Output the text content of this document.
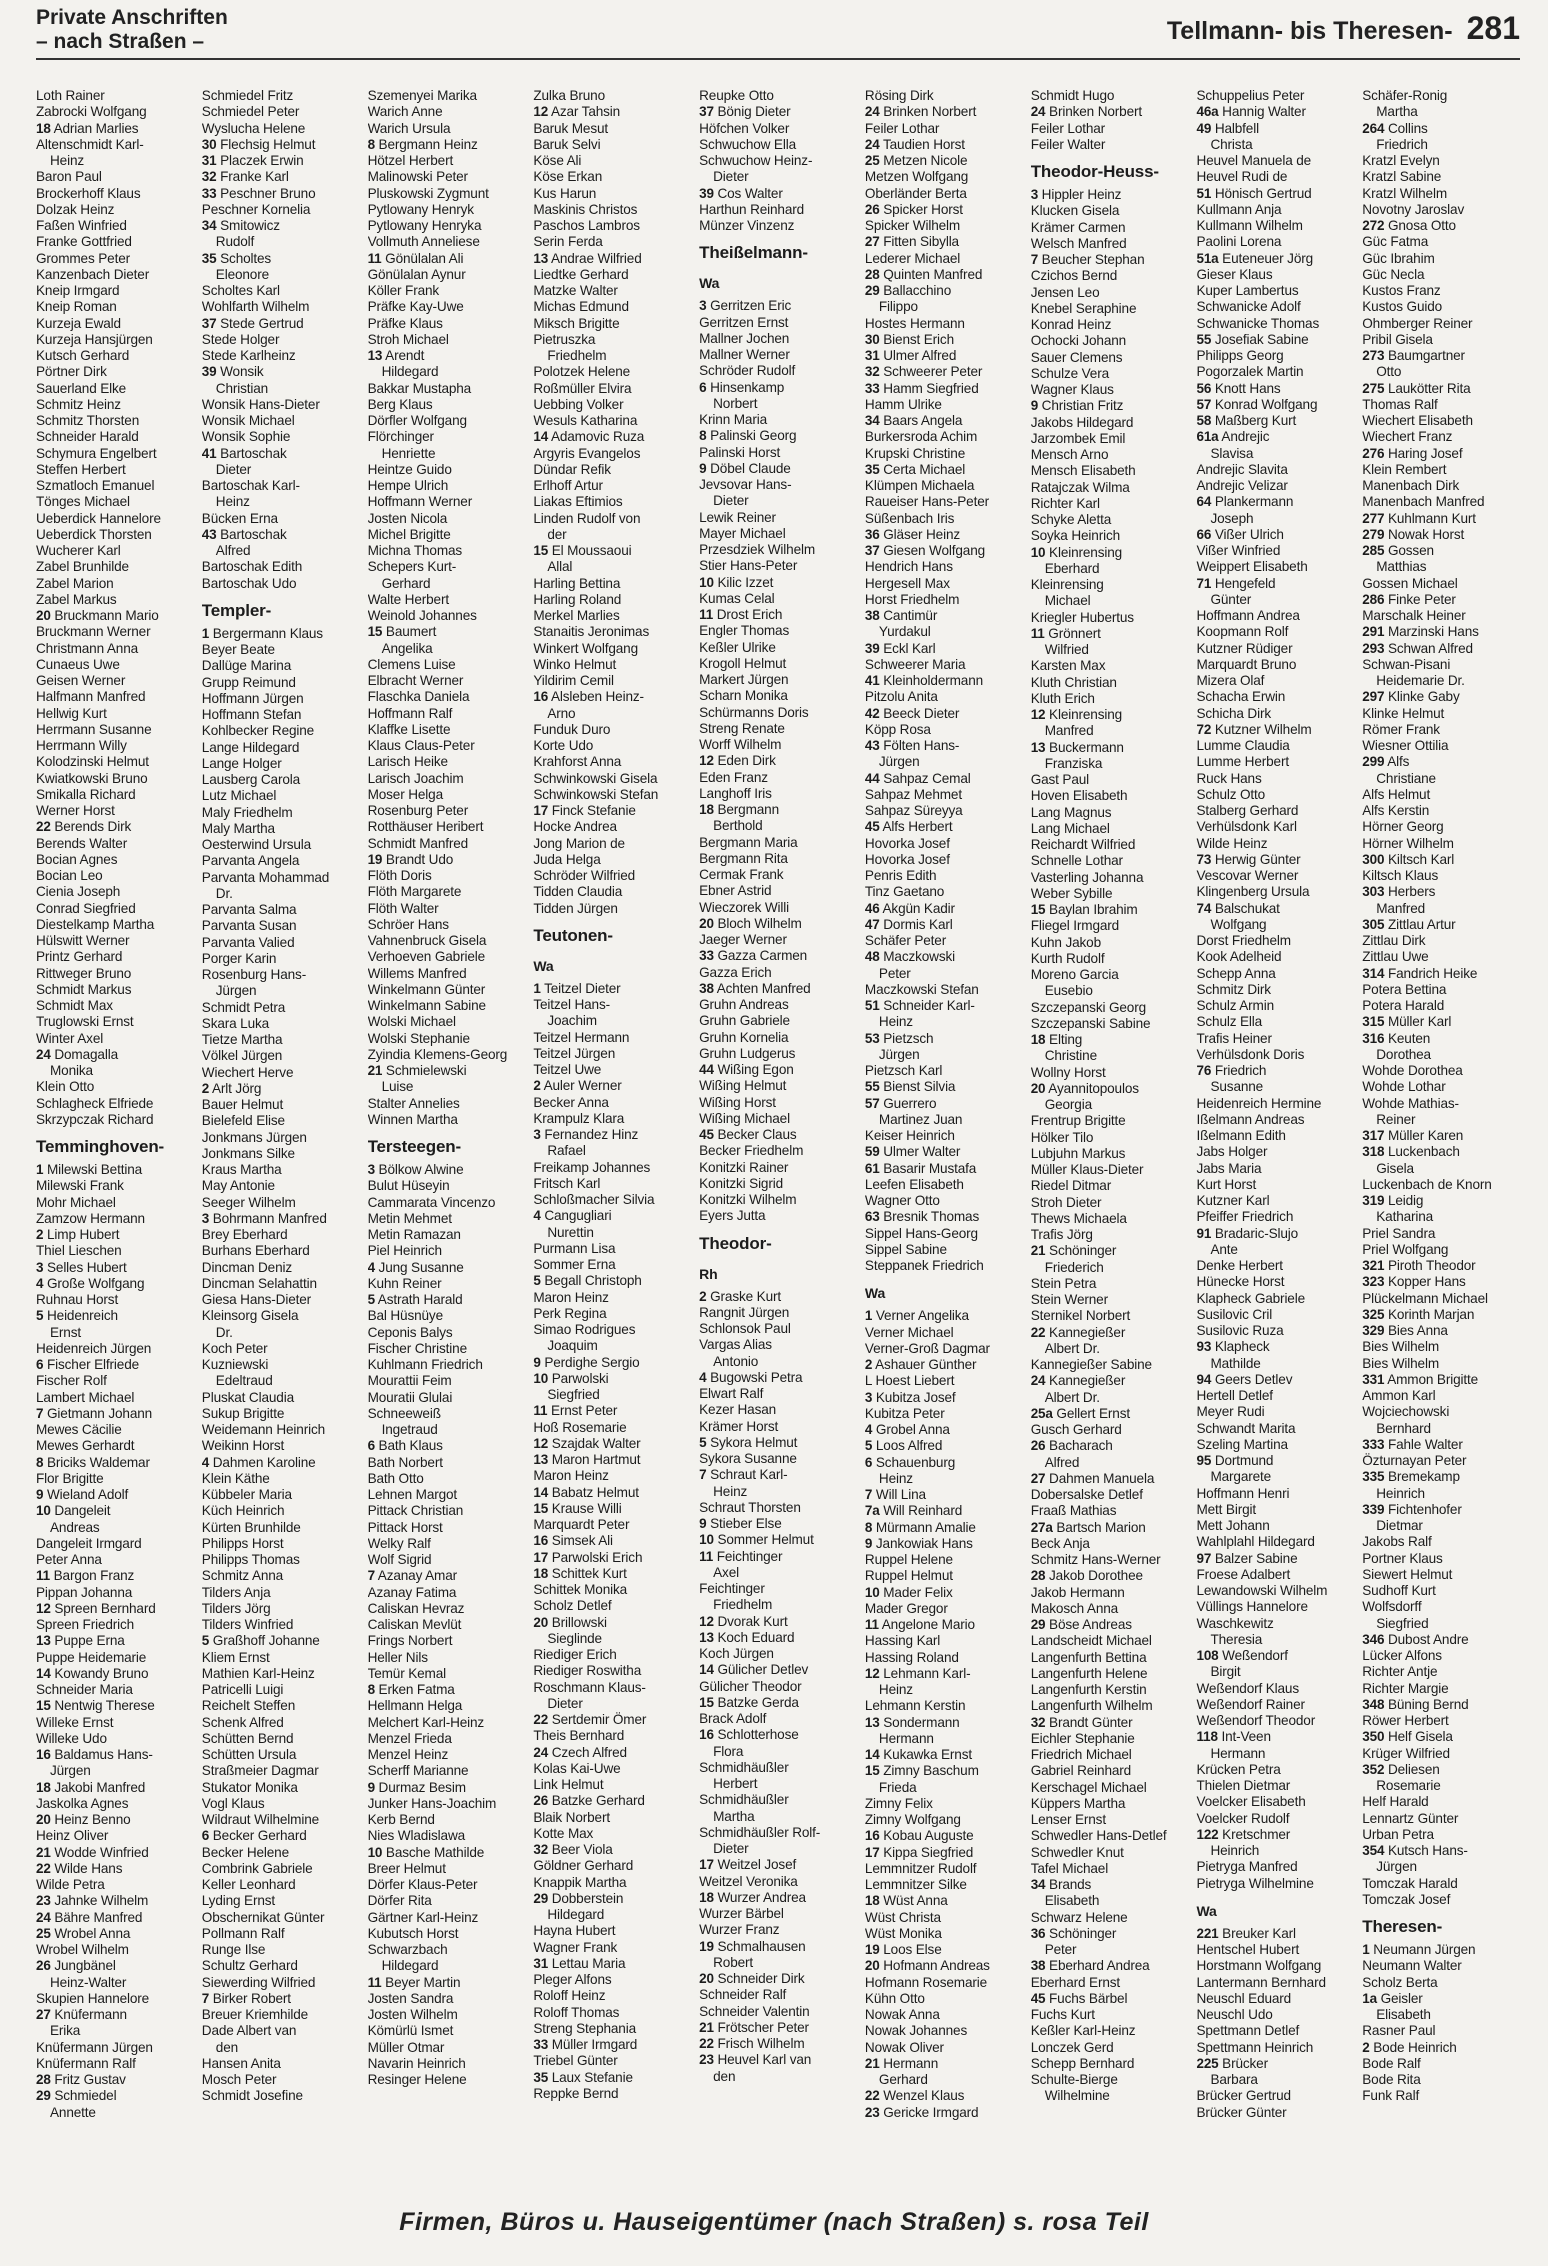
Private Anschriften
– nach Straßen –	Tellmann- bis Theresen- 281
Loth Rainer
Zabrocki Wolfgang
18 Adrian Marlies
Altenschmidt Karl-
Heinz
Baron Paul
Brockerhoff Klaus
Dolzak Heinz
Faßen Winfried
Franke Gottfried
Grommes Peter
Kanzenbach Dieter
Kneip Irmgard
Kneip Roman
Kurzeja Ewald
Kurzeja Hansjürgen
Kutsch Gerhard
Pörtner Dirk
Sauerland Elke
Schmitz Heinz
Schmitz Thorsten
Schneider Harald
Schymura Engelbert
Steffen Herbert
Szmatloch Emanuel
Tönges Michael
Ueberdick Hannelore
Ueberdick Thorsten
Wucherer Karl
Zabel Brunhilde
Zabel Marion
Zabel Markus
20 Bruckmann Mario
Bruckmann Werner
Christmann Anna
Cunaeus Uwe
Geisen Werner
Halfmann Manfred
Hellwig Kurt
Herrmann Susanne
Herrmann Willy
Kolodzinski Helmut
Kwiatkowski Bruno
Smikalla Richard
Werner Horst
22 Berends Dirk
Berends Walter
Bocian Agnes
Bocian Leo
Cienia Joseph
Conrad Siegfried
Diestelkamp Martha
Hülswitt Werner
Printz Gerhard
Rittweger Bruno
Schmidt Markus
Schmidt Max
Truglowski Ernst
Winter Axel
24 Domagalla
Monika
Klein Otto
Schlagheck Elfriede
Skrzypczak Richard
Temminghoven-
1 Milewski Bettina
Milewski Frank
Mohr Michael
Zamzow Hermann
2 Limp Hubert
Thiel Lieschen
3 Selles Hubert
4 Große Wolfgang
Ruhnau Horst
5 Heidenreich
Ernst
Heidenreich Jürgen
6 Fischer Elfriede
Fischer Rolf
Lambert Michael
7 Gietmann Johann
Mewes Cäcilie
Mewes Gerhardt
8 Briciks Waldemar
Flor Brigitte
9 Wieland Adolf
10 Dangeleit
Andreas
Dangeleit Irmgard
Peter Anna
11 Bargon Franz
Pippan Johanna
12 Spreen Bernhard
Spreen Friedrich
13 Puppe Erna
Puppe Heidemarie
14 Kowandy Bruno
Schneider Maria
15 Nentwig Therese
Willeke Ernst
Willeke Udo
16 Baldamus Hans-
Jürgen
18 Jakobi Manfred
Jaskolka Agnes
20 Heinz Benno
Heinz Oliver
21 Wodde Winfried
22 Wilde Hans
Wilde Petra
23 Jahnke Wilhelm
24 Bähre Manfred
25 Wrobel Anna
Wrobel Wilhelm
26 Jungbänel
Heinz-Walter
Skupien Hannelore
27 Knüfermann
Erika
Knüfermann Jürgen
Knüfermann Ralf
28 Fritz Gustav
29 Schmiedel
Annette
Schmiedel Fritz
Schmiedel Peter
Wyslucha Helene
30 Flechsig Helmut
31 Placzek Erwin
32 Franke Karl
33 Peschner Bruno
Peschner Kornelia
34 Smitowicz
Rudolf
35 Scholtes
Eleonore
Scholtes Karl
Wohlfarth Wilhelm
37 Stede Gertrud
Stede Holger
Stede Karlheinz
39 Wonsik
Christian
Wonsik Hans-Dieter
Wonsik Michael
Wonsik Sophie
41 Bartoschak
Dieter
Bartoschak Karl-
Heinz
Bücken Erna
43 Bartoschak
Alfred
Bartoschak Edith
Bartoschak Udo
Templer-
1 Bergermann Klaus
Beyer Beate
Dallüge Marina
Grupp Reimund
Hoffmann Jürgen
Hoffmann Stefan
Kohlbecker Regine
Lange Hildegard
Lange Holger
Lausberg Carola
Lutz Michael
Maly Friedhelm
Maly Martha
Oesterwind Ursula
Parvanta Angela
Parvanta Mohammad
Dr.
Parvanta Salma
Parvanta Susan
Parvanta Valied
Porger Karin
Rosenburg Hans-
Jürgen
Schmidt Petra
Skara Luka
Tietze Martha
Völkel Jürgen
Wiechert Herve
2 Arlt Jörg
Bauer Helmut
Bielefeld Elise
Jonkmans Jürgen
Jonkmans Silke
Kraus Martha
May Antonie
Seeger Wilhelm
3 Bohrmann Manfred
Brey Eberhard
Burhans Eberhard
Dincman Deniz
Dincman Selahattin
Giesa Hans-Dieter
Kleinsorg Gisela
Dr.
Koch Peter
Kuzniewski
Edeltraud
Pluskat Claudia
Sukup Brigitte
Weidemann Heinrich
Weikinn Horst
4 Dahmen Karoline
Klein Käthe
Kübbeler Maria
Küch Heinrich
Kürten Brunhilde
Philipps Horst
Philipps Thomas
Schmitz Anna
Tilders Anja
Tilders Jörg
Tilders Winfried
5 Graßhoff Johanne
Kliem Ernst
Mathien Karl-Heinz
Patricelli Luigi
Reichelt Steffen
Schenk Alfred
Schütten Bernd
Schütten Ursula
Straßmeier Dagmar
Stukator Monika
Vogl Klaus
Wildraut Wilhelmine
6 Becker Gerhard
Becker Helene
Combrink Gabriele
Keller Leonhard
Lyding Ernst
Obschernikat Günter
Pollmann Ralf
Runge Ilse
Schultz Gerhard
Siewerding Wilfried
7 Birker Robert
Breuer Kriemhilde
Dade Albert van
den
Hansen Anita
Mosch Peter
Schmidt Josefine
Szemenyei Marika
Warich Anne
Warich Ursula
8 Bergmann Heinz
Hötzel Herbert
Malinowski Peter
Pluskowski Zygmunt
Pytlowany Henryk
Pytlowany Henryka
Vollmuth Anneliese
11 Gönülalan Ali
Gönülalan Aynur
Köller Frank
Präfke Kay-Uwe
Präfke Klaus
Stroh Michael
13 Arendt
Hildegard
Bakkar Mustapha
Berg Klaus
Dörfler Wolfgang
Flörchinger
Henriette
Heintze Guido
Hempe Ulrich
Hoffmann Werner
Josten Nicola
Michel Brigitte
Michna Thomas
Schepers Kurt-
Gerhard
Walte Herbert
Weinold Johannes
15 Baumert
Angelika
Clemens Luise
Elbracht Werner
Flaschka Daniela
Hoffmann Ralf
Klaffke Lisette
Klaus Claus-Peter
Larisch Heike
Larisch Joachim
Moser Helga
Rosenburg Peter
Rotthäuser Heribert
Schmidt Manfred
19 Brandt Udo
Flöth Doris
Flöth Margarete
Flöth Walter
Schröer Hans
Vahnenbruck Gisela
Verhoeven Gabriele
Willems Manfred
Winkelmann Günter
Winkelmann Sabine
Wolski Michael
Wolski Stephanie
Zyindia Klemens-Georg
21 Schmielewski
Luise
Stalter Annelies
Winnen Martha
Tersteegen-
3 Bölkow Alwine
Bulut Hüseyin
Cammarata Vincenzo
Metin Mehmet
Metin Ramazan
Piel Heinrich
4 Jung Susanne
Kuhn Reiner
5 Astrath Harald
Bal Hüsnüye
Ceponis Balys
Fischer Christine
Kuhlmann Friedrich
Mourattii Feim
Mouratii Glulai
Schneeweiß
Ingetraud
6 Bath Klaus
Bath Norbert
Bath Otto
Lehnen Margot
Pittack Christian
Pittack Horst
Welky Ralf
Wolf Sigrid
7 Azanay Amar
Azanay Fatima
Caliskan Hevraz
Caliskan Mevlüt
Frings Norbert
Heller Nils
Temür Kemal
8 Erken Fatma
Hellmann Helga
Melchert Karl-Heinz
Menzel Frieda
Menzel Heinz
Scherff Marianne
9 Durmaz Besim
Junker Hans-Joachim
Kerb Bernd
Nies Wladislawa
10 Basche Mathilde
Breer Helmut
Dörfer Klaus-Peter
Dörfer Rita
Gärtner Karl-Heinz
Kubutsch Horst
Schwarzbach
Hildegard
11 Beyer Martin
Josten Sandra
Josten Wilhelm
Kömürlü Ismet
Müller Otmar
Navarin Heinrich
Resinger Helene
Zulka Bruno
12 Azar Tahsin
Baruk Mesut
Baruk Selvi
Köse Ali
Köse Erkan
Kus Harun
Maskinis Christos
Paschos Lambros
Serin Ferda
13 Andrae Wilfried
Liedtke Gerhard
Matzke Walter
Michas Edmund
Miksch Brigitte
Pietruszka
Friedhelm
Polotzek Helene
Roßmüller Elvira
Uebbing Volker
Wesuls Katharina
14 Adamovic Ruza
Argyris Evangelos
Dündar Refik
Erlhoff Artur
Liakas Eftimios
Linden Rudolf von
der
15 El Moussaoui
Allal
Harling Bettina
Harling Roland
Merkel Marlies
Stanaitis Jeronimas
Winkert Wolfgang
Winko Helmut
Yildirim Cemil
16 Alsleben Heinz-
Arno
Funduk Duro
Korte Udo
Krahforst Anna
Schwinkowski Gisela
Schwinkowski Stefan
17 Finck Stefanie
Hocke Andrea
Jong Marion de
Juda Helga
Schröder Wilfried
Tidden Claudia
Tidden Jürgen
Teutonen-
Wa
1 Teitzel Dieter
Teitzel Hans-
Joachim
Teitzel Hermann
Teitzel Jürgen
Teitzel Uwe
2 Auler Werner
Becker Anna
Krampulz Klara
3 Fernandez Hinz
Rafael
Freikamp Johannes
Fritsch Karl
Schloßmacher Silvia
4 Cangugliari
Nurettin
Purmann Lisa
Sommer Erna
5 Begall Christoph
Maron Heinz
Perk Regina
Simao Rodrigues
Joaquim
9 Perdighe Sergio
10 Parwolski
Siegfried
11 Ernst Peter
Hoß Rosemarie
12 Szajdak Walter
13 Maron Hartmut
Maron Heinz
14 Babatz Helmut
15 Krause Willi
Marquardt Peter
16 Simsek Ali
17 Parwolski Erich
18 Schittek Kurt
Schittek Monika
Scholz Detlef
20 Brillowski
Sieglinde
Riediger Erich
Riediger Roswitha
Roschmann Klaus-
Dieter
22 Sertdemir Ömer
Theis Bernhard
24 Czech Alfred
Kolas Kai-Uwe
Link Helmut
26 Batzke Gerhard
Blaik Norbert
Kotte Max
32 Beer Viola
Göldner Gerhard
Knappik Martha
29 Dobberstein
Hildegard
Hayna Hubert
Wagner Frank
31 Lettau Maria
Pleger Alfons
Roloff Heinz
Roloff Thomas
Streng Stephania
33 Müller Irmgard
Triebel Günter
35 Laux Stefanie
Reppke Bernd
Reupke Otto
37 Bönig Dieter
Höfchen Volker
Schwuchow Ella
Schwuchow Heinz-
Dieter
39 Cos Walter
Harthun Reinhard
Münzer Vinzenz
Theißelmann-
Wa
3 Gerritzen Eric
Gerritzen Ernst
Mallner Jochen
Mallner Werner
Schröder Rudolf
6 Hinsenkamp
Norbert
Krinn Maria
8 Palinski Georg
Palinski Horst
9 Döbel Claude
Jevsovar Hans-
Dieter
Lewik Reiner
Mayer Michael
Przesdziek Wilhelm
Stier Hans-Peter
10 Kilic Izzet
Kumas Celal
11 Drost Erich
Engler Thomas
Keßler Ulrike
Krogoll Helmut
Markert Jürgen
Scharn Monika
Schürmanns Doris
Streng Renate
Worff Wilhelm
12 Eden Dirk
Eden Franz
Langhoff Iris
18 Bergmann
Berthold
Bergmann Maria
Bergmann Rita
Cermak Frank
Ebner Astrid
Wieczorek Willi
20 Bloch Wilhelm
Jaeger Werner
33 Gazza Carmen
Gazza Erich
38 Achten Manfred
Gruhn Andreas
Gruhn Gabriele
Gruhn Kornelia
Gruhn Ludgerus
44 Wißing Egon
Wißing Helmut
Wißing Horst
Wißing Michael
45 Becker Claus
Becker Friedhelm
Konitzki Rainer
Konitzki Sigrid
Konitzki Wilhelm
Eyers Jutta
Theodor-
Rh
2 Graske Kurt
Rangnit Jürgen
Schlonsok Paul
Vargas Alias
Antonio
4 Bugowski Petra
Elwart Ralf
Kezer Hasan
Krämer Horst
5 Sykora Helmut
Sykora Susanne
7 Schraut Karl-
Heinz
Schraut Thorsten
9 Stieber Else
10 Sommer Helmut
11 Feichtinger
Axel
Feichtinger
Friedhelm
12 Dvorak Kurt
13 Koch Eduard
Koch Jürgen
14 Gülicher Detlev
Gülicher Theodor
15 Batzke Gerda
Brack Adolf
16 Schlotterhose
Flora
Schmidhäußler
Herbert
Schmidhäußler
Martha
Schmidhäußler Rolf-
Dieter
17 Weitzel Josef
Weitzel Veronika
18 Wurzer Andrea
Wurzer Bärbel
Wurzer Franz
19 Schmalhausen
Robert
20 Schneider Dirk
Schneider Ralf
Schneider Valentin
21 Frötscher Peter
22 Frisch Wilhelm
23 Heuvel Karl van
den
Rösing Dirk
24 Brinken Norbert
Feiler Lothar
24 Taudien Horst
25 Metzen Nicole
Metzen Wolfgang
Oberländer Berta
26 Spicker Horst
Spicker Wilhelm
27 Fitten Sibylla
Lederer Michael
28 Quinten Manfred
29 Ballacchino
Filippo
Hostes Hermann
30 Bienst Erich
31 Ulmer Alfred
32 Schweerer Peter
33 Hamm Siegfried
Hamm Ulrike
34 Baars Angela
Burkersroda Achim
Krupski Christine
35 Certa Michael
Klümpen Michaela
Raueiser Hans-Peter
Süßenbach Iris
36 Gläser Heinz
37 Giesen Wolfgang
Hendrich Hans
Hergesell Max
Horst Friedhelm
38 Cantimür
Yurdakul
39 Eckl Karl
Schweerer Maria
41 Kleinholdermann
Pitzolu Anita
42 Beeck Dieter
Köpp Rosa
43 Fölten Hans-
Jürgen
44 Sahpaz Cemal
Sahpaz Mehmet
Sahpaz Süreyya
45 Alfs Herbert
Hovorka Josef
Hovorka Josef
Penris Edith
Tinz Gaetano
46 Akgün Kadir
47 Dormis Karl
Schäfer Peter
48 Maczkowski
Peter
Maczkowski Stefan
51 Schneider Karl-
Heinz
53 Pietzsch
Jürgen
Pietzsch Karl
55 Bienst Silvia
57 Guerrero
Martinez Juan
Keiser Heinrich
59 Ulmer Walter
61 Basarir Mustafa
Leefen Elisabeth
Wagner Otto
63 Bresnik Thomas
Sippel Hans-Georg
Sippel Sabine
Steppanek Friedrich
Wa
1 Verner Angelika
Verner Michael
Verner-Groß Dagmar
2 Ashauer Günther
L Hoest Liebert
3 Kubitza Josef
Kubitza Peter
4 Grobel Anna
5 Loos Alfred
6 Schauenburg
Heinz
7 Will Lina
7a Will Reinhard
8 Mürmann Amalie
9 Jankowiak Hans
Ruppel Helene
Ruppel Helmut
10 Mader Felix
Mader Gregor
11 Angelone Mario
Hassing Karl
Hassing Roland
12 Lehmann Karl-
Heinz
Lehmann Kerstin
13 Sondermann
Hermann
14 Kukawka Ernst
15 Zimny Baschum
Frieda
Zimny Felix
Zimny Wolfgang
16 Kobau Auguste
17 Kippa Siegfried
Lemmnitzer Rudolf
Lemmnitzer Silke
18 Wüst Anna
Wüst Christa
Wüst Monika
19 Loos Else
20 Hofmann Andreas
Hofmann Rosemarie
Kühn Otto
Nowak Anna
Nowak Johannes
Nowak Oliver
21 Hermann
Gerhard
22 Wenzel Klaus
23 Gericke Irmgard
Schmidt Hugo
24 Brinken Norbert
Feiler Lothar
Feiler Walter
Theodor-Heuss-
3 Hippler Heinz
Klucken Gisela
Krämer Carmen
Welsch Manfred
7 Beucher Stephan
Czichos Bernd
Jensen Leo
Knebel Seraphine
Konrad Heinz
Ochocki Johann
Sauer Clemens
Schulze Vera
Wagner Klaus
9 Christian Fritz
Jakobs Hildegard
Jarzombek Emil
Mensch Arno
Mensch Elisabeth
Ratajczak Wilma
Richter Karl
Schyke Aletta
Soyka Heinrich
10 Kleinrensing
Eberhard
Kleinrensing
Michael
Kriegler Hubertus
11 Grönnert
Wilfried
Karsten Max
Kluth Christian
Kluth Erich
12 Kleinrensing
Manfred
13 Buckermann
Franziska
Gast Paul
Hoven Elisabeth
Lang Magnus
Lang Michael
Reichardt Wilfried
Schnelle Lothar
Vasterling Johanna
Weber Sybille
15 Baylan Ibrahim
Fliegel Irmgard
Kuhn Jakob
Kurth Rudolf
Moreno Garcia
Eusebio
Szczepanski Georg
Szczepanski Sabine
18 Elting
Christine
Wollny Horst
20 Ayannitopoulos
Georgia
Frentrup Brigitte
Hölker Tilo
Lubjuhn Markus
Müller Klaus-Dieter
Riedel Ditmar
Stroh Dieter
Thews Michaela
Trafis Jörg
21 Schöninger
Friederich
Stein Petra
Stein Werner
Sternikel Norbert
22 Kannegießer
Albert Dr.
Kannegießer Sabine
24 Kannegießer
Albert Dr.
25a Gellert Ernst
Gusch Gerhard
26 Bacharach
Alfred
27 Dahmen Manuela
Dobersalske Detlef
Fraaß Mathias
27a Bartsch Marion
Beck Anja
Schmitz Hans-Werner
28 Jakob Dorothee
Jakob Hermann
Makosch Anna
29 Böse Andreas
Landscheidt Michael
Langenfurth Bettina
Langenfurth Helene
Langenfurth Kerstin
Langenfurth Wilhelm
32 Brandt Günter
Eichler Stephanie
Friedrich Michael
Gabriel Reinhard
Kerschagel Michael
Küppers Martha
Lenser Ernst
Schwedler Hans-Detlef
Schwedler Knut
Tafel Michael
34 Brands
Elisabeth
Schwarz Helene
36 Schöninger
Peter
38 Eberhard Andrea
Eberhard Ernst
45 Fuchs Bärbel
Fuchs Kurt
Keßler Karl-Heinz
Lonczek Gerd
Schepp Bernhard
Schulte-Bierge
Wilhelmine
Schuppelius Peter
46a Hannig Walter
49 Halbfell
Christa
Heuvel Manuela de
Heuvel Rudi de
51 Hönisch Gertrud
Kullmann Anja
Kullmann Wilhelm
Paolini Lorena
51a Euteneuer Jörg
Gieser Klaus
Kuper Lambertus
Schwanicke Adolf
Schwanicke Thomas
55 Josefiak Sabine
Philipps Georg
Pogorzalek Martin
56 Knott Hans
57 Konrad Wolfgang
58 Maßberg Kurt
61a Andrejic
Slavisa
Andrejic Slavita
Andrejic Velizar
64 Plankermann
Joseph
66 Vißer Ulrich
Vißer Winfried
Weippert Elisabeth
71 Hengefeld
Günter
Hoffmann Andrea
Koopmann Rolf
Kutzner Rüdiger
Marquardt Bruno
Mizera Olaf
Schacha Erwin
Schicha Dirk
72 Kutzner Wilhelm
Lumme Claudia
Lumme Herbert
Ruck Hans
Schulz Otto
Stalberg Gerhard
Verhülsdonk Karl
Wilde Heinz
73 Herwig Günter
Vescovar Werner
Klingenberg Ursula
74 Balschukat
Wolfgang
Dorst Friedhelm
Kook Adelheid
Schepp Anna
Schmitz Dirk
Schulz Armin
Schulz Ella
Trafis Heiner
Verhülsdonk Doris
76 Friedrich
Susanne
Heidenreich Hermine
Ißelmann Andreas
Ißelmann Edith
Jabs Holger
Jabs Maria
Kurt Horst
Kutzner Karl
Pfeiffer Friedrich
91 Bradaric-Slujo
Ante
Denke Herbert
Hünecke Horst
Klapheck Gabriele
Susilovic Cril
Susilovic Ruza
93 Klapheck
Mathilde
94 Geers Detlev
Hertell Detlef
Meyer Rudi
Schwandt Marita
Szeling Martina
95 Dortmund
Margarete
Hoffmann Henri
Mett Birgit
Mett Johann
Wahlplahl Hildegard
97 Balzer Sabine
Froese Adalbert
Lewandowski Wilhelm
Vüllings Hannelore
Waschkewitz
Theresia
108 Weßendorf
Birgit
Weßendorf Klaus
Weßendorf Rainer
Weßendorf Theodor
118 Int-Veen
Hermann
Krücken Petra
Thielen Dietmar
Voelcker Elisabeth
Voelcker Rudolf
122 Kretschmer
Heinrich
Pietryga Manfred
Pietryga Wilhelmine
Wa
221 Breuker Karl
Hentschel Hubert
Horstmann Wolfgang
Lantermann Bernhard
Neuschl Eduard
Neuschl Udo
Spettmann Detlef
Spettmann Heinrich
225 Brücker
Barbara
Brücker Gertrud
Brücker Günter
Schäfer-Ronig
Martha
264 Collins
Friedrich
Kratzl Evelyn
Kratzl Sabine
Kratzl Wilhelm
Novotny Jaroslav
272 Gnosa Otto
Güc Fatma
Güc Ibrahim
Güc Necla
Kustos Franz
Kustos Guido
Ohmberger Reiner
Pribil Gisela
273 Baumgartner
Otto
275 Laukötter Rita
Thomas Ralf
Wiechert Elisabeth
Wiechert Franz
276 Haring Josef
Klein Rembert
Manenbach Dirk
Manenbach Manfred
277 Kuhlmann Kurt
279 Nowak Horst
285 Gossen
Matthias
Gossen Michael
286 Finke Peter
Marschalk Heiner
291 Marzinski Hans
293 Schwan Alfred
Schwan-Pisani
Heidemarie Dr.
297 Klinke Gaby
Klinke Helmut
Römer Frank
Wiesner Ottilia
299 Alfs
Christiane
Alfs Helmut
Alfs Kerstin
Hörner Georg
Hörner Wilhelm
300 Kiltsch Karl
Kiltsch Klaus
303 Herbers
Manfred
305 Zittlau Artur
Zittlau Dirk
Zittlau Uwe
314 Fandrich Heike
Potera Bettina
Potera Harald
315 Müller Karl
316 Keuten
Dorothea
Wohde Dorothea
Wohde Lothar
Wohde Mathias-
Reiner
317 Müller Karen
318 Luckenbach
Gisela
Luckenbach de Knorn
319 Leidig
Katharina
Priel Sandra
Priel Wolfgang
321 Piroth Theodor
323 Kopper Hans
Plückelmann Michael
325 Korinth Marjan
329 Bies Anna
Bies Wilhelm
Bies Wilhelm
331 Ammon Brigitte
Ammon Karl
Wojciechowski
Bernhard
333 Fahle Walter
Özturnayan Peter
335 Bremekamp
Heinrich
339 Fichtenhofer
Dietmar
Jakobs Ralf
Portner Klaus
Siewert Helmut
Sudhoff Kurt
Wolfsdorff
Siegfried
346 Dubost Andre
Lücker Alfons
Richter Antje
Richter Margie
348 Büning Bernd
Röwer Herbert
350 Helf Gisela
Krüger Wilfried
352 Deliesen
Rosemarie
Helf Harald
Lennartz Günter
Urban Petra
354 Kutsch Hans-
Jürgen
Tomczak Harald
Tomczak Josef
Theresen-
1 Neumann Jürgen
Neumann Walter
Scholz Berta
1a Geisler
Elisabeth
Rasner Paul
2 Bode Heinrich
Bode Ralf
Bode Rita
Funk Ralf
Firmen, Büros u. Hauseigentümer (nach Straßen) s. rosa Teil
